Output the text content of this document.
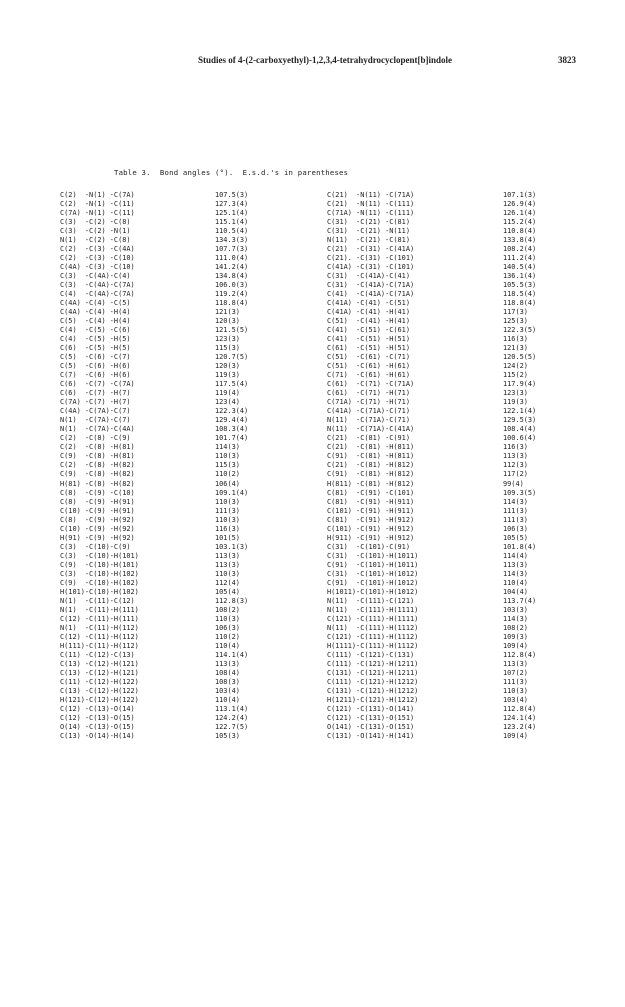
Studies of 4-(2-carboxyethyl)-1,2,3,4-tetrahydrocyclopent[b]indole	3823
Table 3.  Bond angles (°).  E.s.d.'s in parentheses
C(2)  -N(1) -C(7A)	107.5(3)	C(21)  -N(11) -C(71A)	107.1(3)
C(2)  -N(1) -C(11)	127.3(4)	C(21)  -N(11) -C(111)	126.9(4)
C(7A) -N(1) -C(11)	125.1(4)	C(71A) -N(11) -C(111)	126.1(4)
C(3)  -C(2) -C(8)	115.1(4)	C(31)  -C(21) -C(81)	115.2(4)
C(3)  -C(2) -N(1)	110.5(4)	C(31)  -C(21) -N(11)	110.8(4)
N(1)  -C(2) -C(8)	134.3(3)	N(11)  -C(21) -C(81)	133.8(4)
C(2)  -C(3) -C(4A)	107.7(3)	C(21)  -C(31) -C(41A)	108.2(4)
C(2)  -C(3) -C(10)	111.0(4)	C(21). -C(31) -C(101)	111.2(4)
C(4A) -C(3) -C(10)	141.2(4)	C(41A) -C(31) -C(101)	140.5(4)
C(3)  -C(4A)-C(4)	134.8(4)	C(31)  -C(41A)-C(41)	136.1(4)
C(3)  -C(4A)-C(7A)	106.0(3)	C(31)  -C(41A)-C(71A)	105.5(3)
C(4)  -C(4A)-C(7A)	119.2(4)	C(41)  -C(41A)-C(71A)	118.5(4)
C(4A) -C(4) -C(5)	118.8(4)	C(41A) -C(41) -C(51)	118.8(4)
C(4A) -C(4) -H(4)	121(3)	C(41A) -C(41) -H(41)	117(3)
C(5)  -C(4) -H(4)	120(3)	C(51)  -C(41) -H(41)	125(3)
C(4)  -C(5) -C(6)	121.5(5)	C(41)  -C(51) -C(61)	122.3(5)
C(4)  -C(5) -H(5)	123(3)	C(41)  -C(51) -H(51)	116(3)
C(6)  -C(5) -H(5)	115(3)	C(61)  -C(51) -H(51)	121(3)
C(5)  -C(6) -C(7)	120.7(5)	C(51)  -C(61) -C(71)	120.5(5)
C(5)  -C(6) -H(6)	120(3)	C(51)  -C(61) -H(61)	124(2)
C(7)  -C(6) -H(6)	119(3)	C(71)  -C(61) -H(61)	115(2)
C(6)  -C(7) -C(7A)	117.5(4)	C(61)  -C(71) -C(71A)	117.9(4)
C(6)  -C(7) -H(7)	119(4)	C(61)  -C(71) -H(71)	123(3)
C(7A) -C(7) -H(7)	123(4)	C(71A) -C(71) -H(71)	119(3)
C(4A) -C(7A)-C(7)	122.3(4)	C(41A) -C(71A)-C(71)	122.1(4)
N(1)  -C(7A)-C(7)	129.4(4)	N(11)  -C(71A)-C(71)	129.5(3)
N(1)  -C(7A)-C(4A)	108.3(4)	N(11)  -C(71A)-C(41A)	108.4(4)
C(2)  -C(8) -C(9)	101.7(4)	C(21)  -C(81) -C(91)	100.6(4)
C(2)  -C(8) -H(81)	114(3)	C(21)  -C(81) -H(811)	116(3)
C(9)  -C(8) -H(81)	110(3)	C(91)  -C(81) -H(811)	113(3)
C(2)  -C(8) -H(82)	115(3)	C(21)  -C(81) -H(812)	112(3)
C(9)  -C(8) -H(82)	110(2)	C(91)  -C(81) -H(812)	117(2)
H(81) -C(8) -H(82)	106(4)	H(811) -C(81) -H(812)	99(4)
C(8)  -C(9) -C(10)	109.1(4)	C(81)  -C(91) -C(101)	109.3(5)
C(8)  -C(9) -H(91)	110(3)	C(81)  -C(91) -H(911)	114(3)
C(10) -C(9) -H(91)	111(3)	C(101) -C(91) -H(911)	111(3)
C(8)  -C(9) -H(92)	110(3)	C(81)  -C(91) -H(912)	111(3)
C(10) -C(9) -H(92)	116(3)	C(101) -C(91) -H(912)	106(3)
H(91) -C(9) -H(92)	101(5)	H(911) -C(91) -H(912)	105(5)
C(3)  -C(10)-C(9)	103.1(3)	C(31)  -C(101)-C(91)	101.8(4)
C(3)  -C(10)-H(101)	113(3)	C(31)  -C(101)-H(1011)	114(4)
C(9)  -C(10)-H(101)	113(3)	C(91)  -C(101)-H(1011)	113(3)
C(3)  -C(10)-H(102)	110(3)	C(31)  -C(101)-H(1012)	114(3)
C(9)  -C(10)-H(102)	112(4)	C(91)  -C(101)-H(1012)	110(4)
H(101)-C(10)-H(102)	105(4)	H(1011)-C(101)-H(1012)	104(4)
N(1)  -C(11)-C(12)	112.8(3)	N(11)  -C(111)-C(121)	113.7(4)
N(1)  -C(11)-H(111)	108(2)	N(11)  -C(111)-H(1111)	103(3)
C(12) -C(11)-H(111)	110(3)	C(121) -C(111)-H(1111)	114(3)
N(1)  -C(11)-H(112)	106(3)	N(11)  -C(111)-H(1112)	108(2)
C(12) -C(11)-H(112)	110(2)	C(121) -C(111)-H(1112)	109(3)
H(111)-C(11)-H(112)	110(4)	H(1111)-C(111)-H(1112)	109(4)
C(11) -C(12)-C(13)	114.1(4)	C(111) -C(121)-C(131)	112.8(4)
C(13) -C(12)-H(121)	113(3)	C(111) -C(121)-H(1211)	113(3)
C(13) -C(12)-H(121)	108(4)	C(131) -C(121)-H(1211)	107(2)
C(11) -C(12)-H(122)	108(3)	C(111) -C(121)-H(1212)	111(3)
C(13) -C(12)-H(122)	103(4)	C(131) -C(121)-H(1212)	110(3)
H(121)-C(12)-H(122)	110(4)	H(1211)-C(121)-H(1212)	103(4)
C(12) -C(13)-O(14)	113.1(4)	C(121) -C(131)-O(141)	112.8(4)
C(12) -C(13)-O(15)	124.2(4)	C(121) -C(131)-O(151)	124.1(4)
O(14) -C(13)-O(15)	122.7(5)	O(141) -C(131)-O(151)	123.2(4)
C(13) -O(14)-H(14)	105(3)	C(131) -O(141)-H(141)	109(4)
